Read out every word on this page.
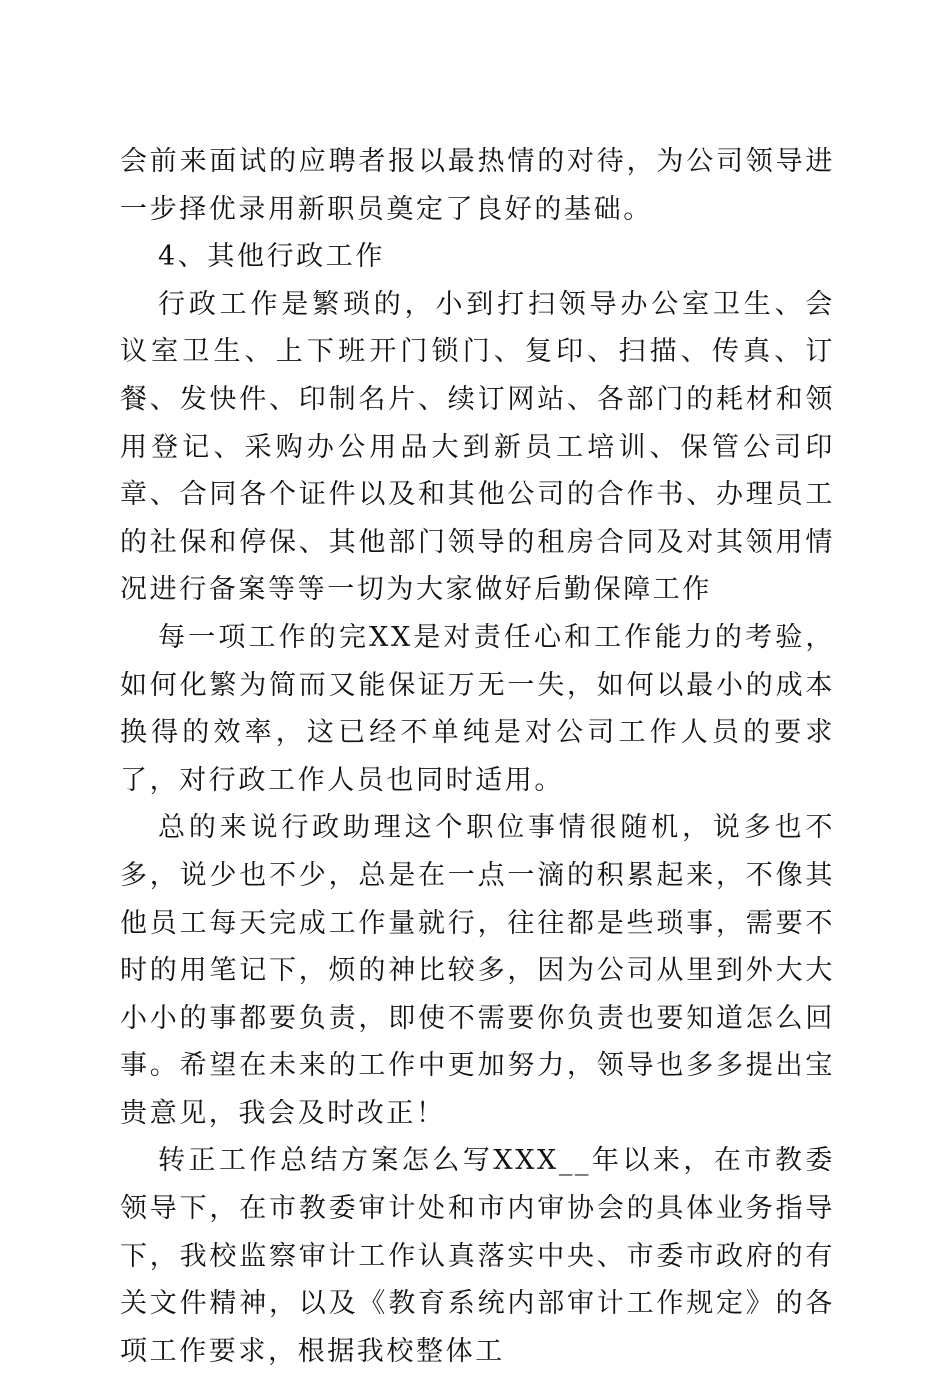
会前来面试的应聘者报以最热情的对待，为公司领导进一步择优录用新职员奠定了良好的基础。

4、其他行政工作

行政工作是繁琐的，小到打扫领导办公室卫生、会议室卫生、上下班开门锁门、复印、扫描、传真、订餐、发快件、印制名片、续订网站、各部门的耗材和领用登记、采购办公用品大到新员工培训、保管公司印章、合同各个证件以及和其他公司的合作书、办理员工的社保和停保、其他部门领导的租房合同及对其领用情况进行备案等等一切为大家做好后勤保障工作

每一项工作的完XX是对责任心和工作能力的考验，如何化繁为简而又能保证万无一失，如何以最小的成本换得的效率，这已经不单纯是对公司工作人员的要求了，对行政工作人员也同时适用。

总的来说行政助理这个职位事情很随机，说多也不多，说少也不少，总是在一点一滴的积累起来，不像其他员工每天完成工作量就行，往往都是些琐事，需要不时的用笔记下，烦的神比较多，因为公司从里到外大大小小的事都要负责，即使不需要你负责也要知道怎么回事。希望在未来的工作中更加努力，领导也多多提出宝贵意见，我会及时改正！

转正工作总结方案怎么写XXX__年以来，在市教委领导下，在市教委审计处和市内审协会的具体业务指导下，我校监察审计工作认真落实中央、市委市政府的有关文件精神，以及《教育系统内部审计工作规定》的各项工作要求，根据我校整体工
